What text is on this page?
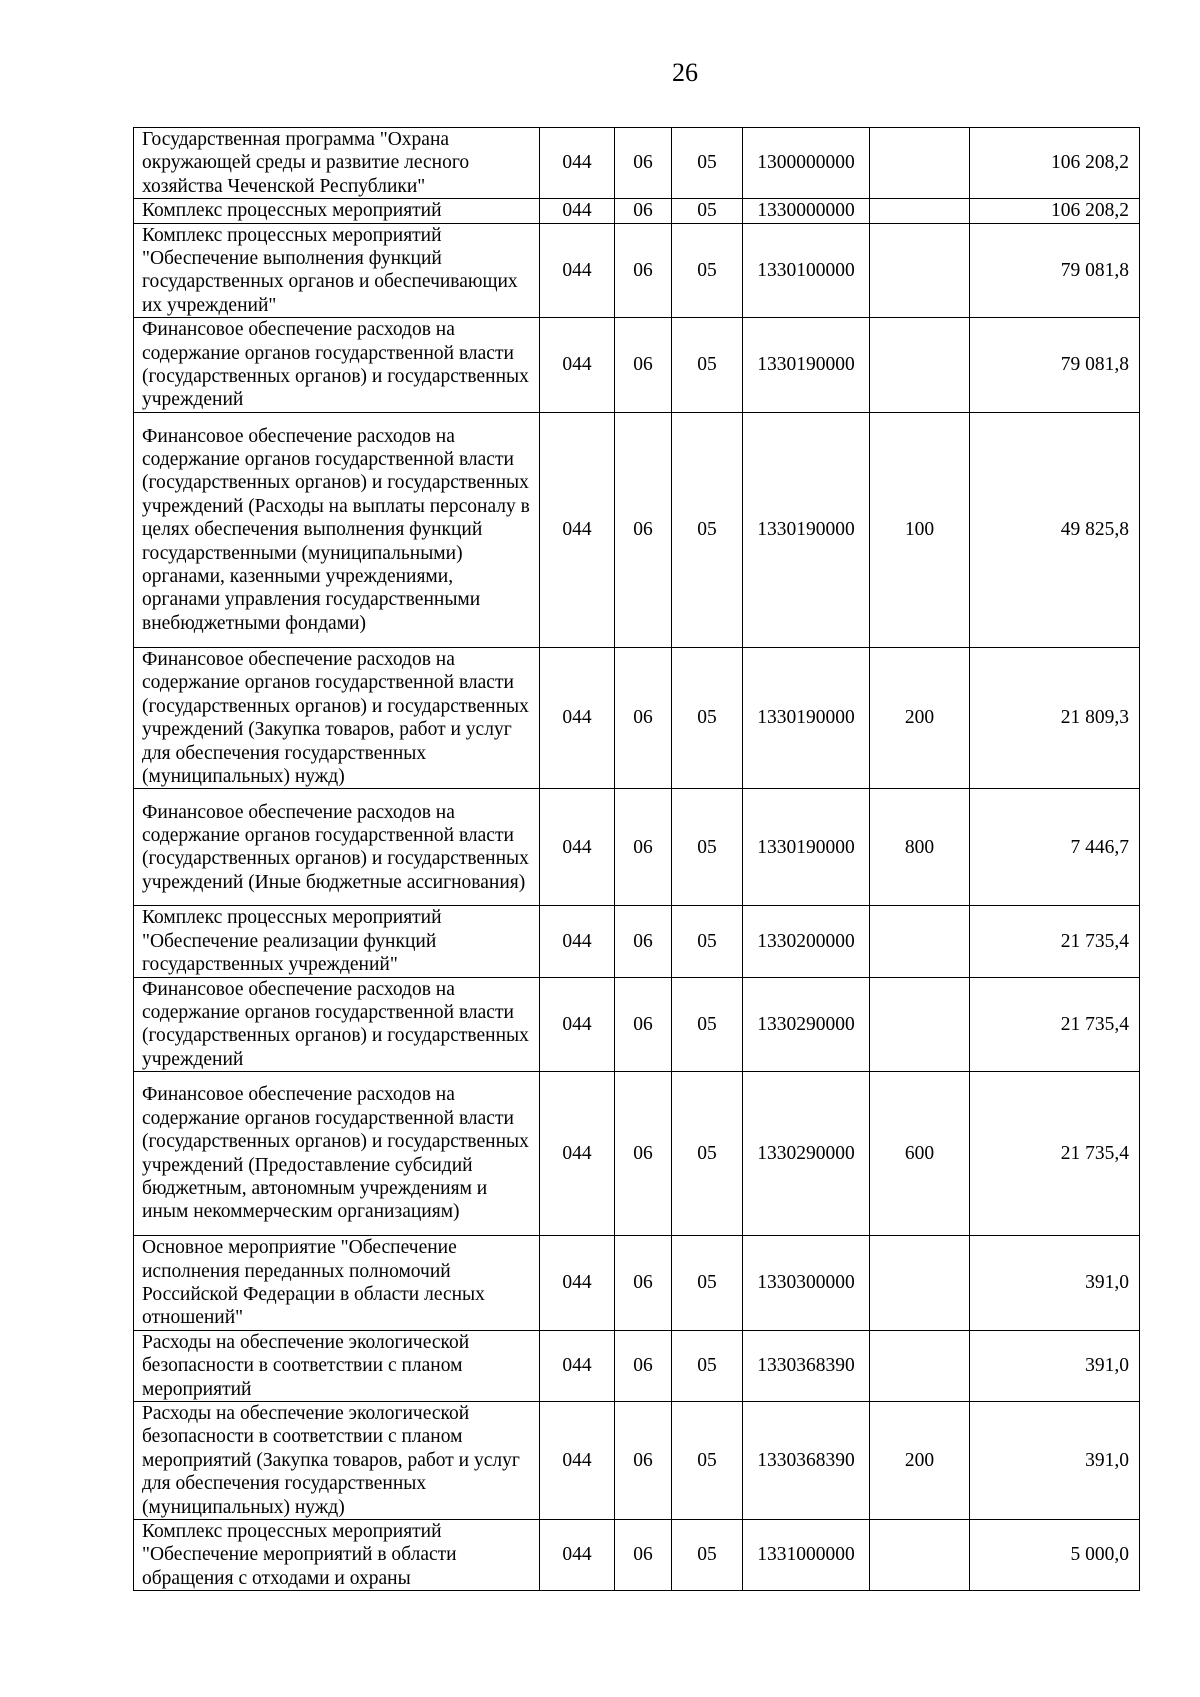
26
Государственная программа "Охрана окружающей среды и развитие лесного хозяйства Чеченской Республики"	044	06	05	1300000000		106 208,2
Комплекс процессных мероприятий	044	06	05	1330000000		106 208,2
Комплекс процессных мероприятий "Обеспечение выполнения функций государственных органов и обеспечивающих их учреждений"	044	06	05	1330100000		79 081,8
Финансовое обеспечение расходов на содержание органов государственной власти (государственных органов) и государственных учреждений	044	06	05	1330190000		79 081,8
Финансовое обеспечение расходов на содержание органов государственной власти (государственных органов) и государственных учреждений (Расходы на выплаты персоналу в целях обеспечения выполнения функций государственными (муниципальными) органами, казенными учреждениями, органами управления государственными внебюджетными фондами)	044	06	05	1330190000	100	49 825,8
Финансовое обеспечение расходов на содержание органов государственной власти (государственных органов) и государственных учреждений (Закупка товаров, работ и услуг для обеспечения государственных (муниципальных) нужд)	044	06	05	1330190000	200	21 809,3
Финансовое обеспечение расходов на содержание органов государственной власти (государственных органов) и государственных учреждений (Иные бюджетные ассигнования)	044	06	05	1330190000	800	7 446,7
Комплекс процессных мероприятий "Обеспечение реализации функций государственных учреждений"	044	06	05	1330200000		21 735,4
Финансовое обеспечение расходов на содержание органов государственной власти (государственных органов) и государственных учреждений	044	06	05	1330290000		21 735,4
Финансовое обеспечение расходов на содержание органов государственной власти (государственных органов) и государственных учреждений (Предоставление субсидий бюджетным, автономным учреждениям и иным некоммерческим организациям)	044	06	05	1330290000	600	21 735,4
Основное мероприятие "Обеспечение исполнения переданных полномочий Российской Федерации в области лесных отношений"	044	06	05	1330300000		391,0
Расходы на обеспечение экологической безопасности в соответствии с планом мероприятий	044	06	05	1330368390		391,0
Расходы на обеспечение экологической безопасности в соответствии с планом мероприятий (Закупка товаров, работ и услуг для обеспечения государственных (муниципальных) нужд)	044	06	05	1330368390	200	391,0
Комплекс процессных мероприятий "Обеспечение мероприятий в области обращения с отходами и охраны	044	06	05	1331000000		5 000,0
